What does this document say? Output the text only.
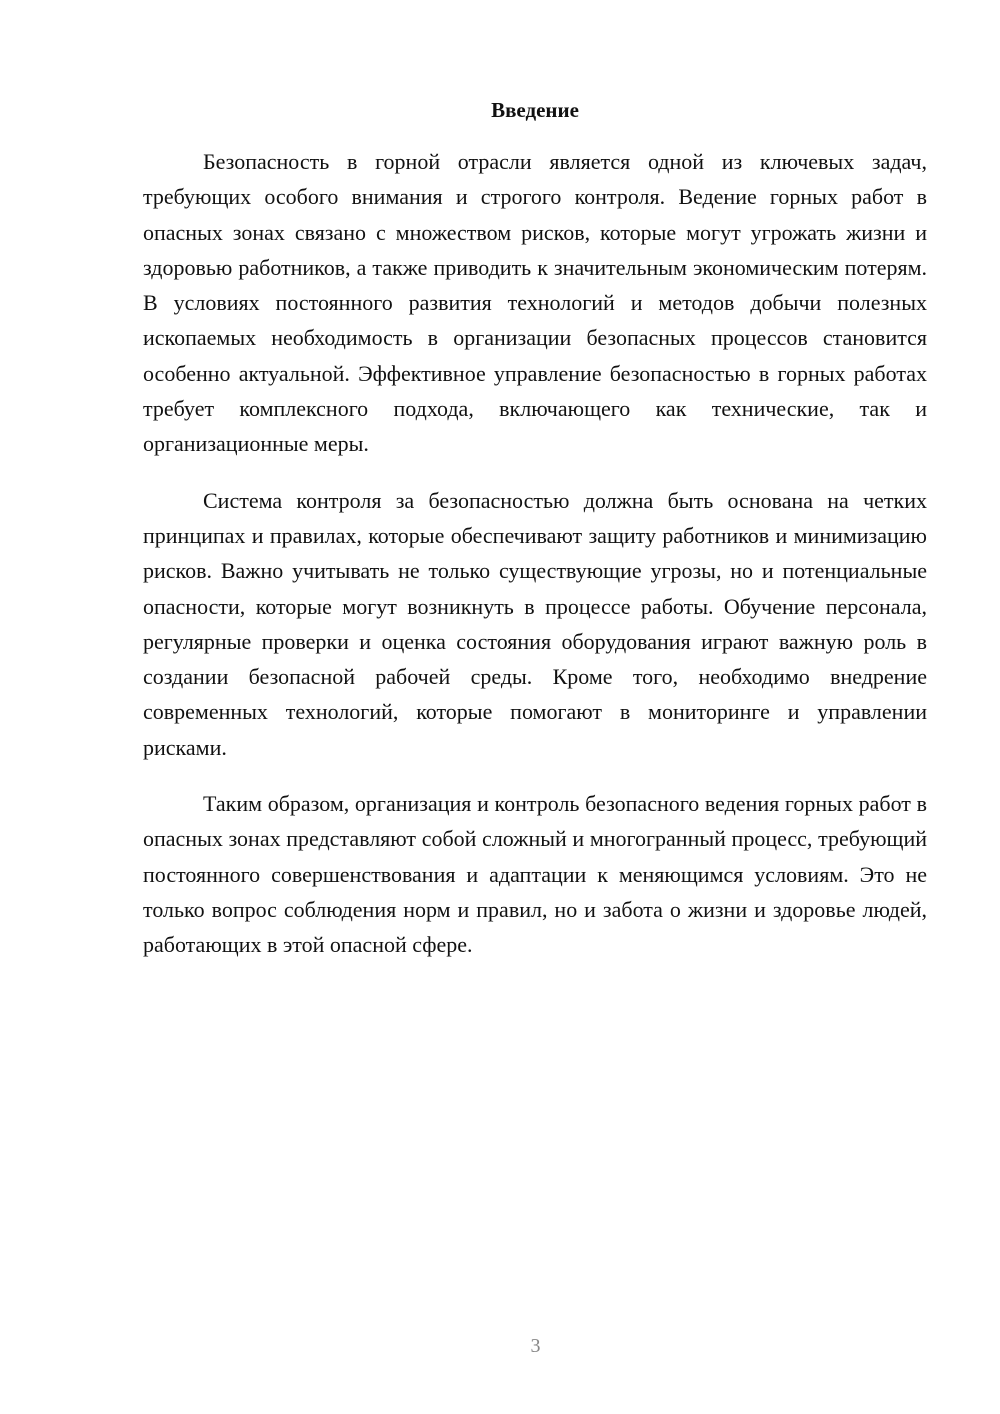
Введение

Безопасность в горной отрасли является одной из ключевых задач, требующих особого внимания и строгого контроля. Ведение горных работ в опасных зонах связано с множеством рисков, которые могут угрожать жизни и здоровью работников, а также приводить к значительным экономическим потерям. В условиях постоянного развития технологий и методов добычи полезных ископаемых необходимость в организации безопасных процессов становится особенно актуальной. Эффективное управление безопасностью в горных работах требует комплексного подхода, включающего как технические, так и организационные меры.

Система контроля за безопасностью должна быть основана на четких принципах и правилах, которые обеспечивают защиту работников и минимизацию рисков. Важно учитывать не только существующие угрозы, но и потенциальные опасности, которые могут возникнуть в процессе работы. Обучение персонала, регулярные проверки и оценка состояния оборудования играют важную роль в создании безопасной рабочей среды. Кроме того, необходимо внедрение современных технологий, которые помогают в мониторинге и управлении рисками.

Таким образом, организация и контроль безопасного ведения горных работ в опасных зонах представляют собой сложный и многогранный процесс, требующий постоянного совершенствования и адаптации к меняющимся условиям. Это не только вопрос соблюдения норм и правил, но и забота о жизни и здоровье людей, работающих в этой опасной сфере.

3
